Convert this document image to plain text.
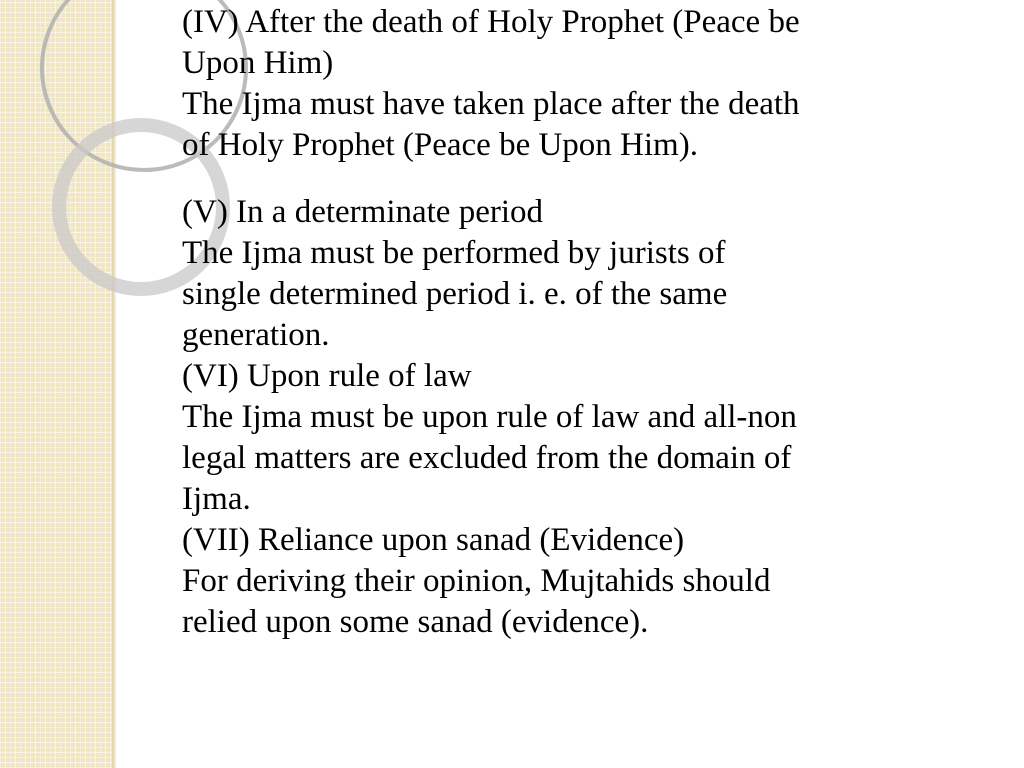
(IV) After the death of Holy Prophet (Peace be
Upon Him)
The Ijma must have taken place after the death
of Holy Prophet (Peace be Upon Him).
(V) In a determinate period
The Ijma must be performed by jurists of
single determined period i. e. of the same
generation.
(VI) Upon rule of law
The Ijma must be upon rule of law and all-non
legal matters are excluded from the domain of
Ijma.
(VII) Reliance upon sanad (Evidence)
For deriving their opinion, Mujtahids should
relied upon some sanad (evidence).
